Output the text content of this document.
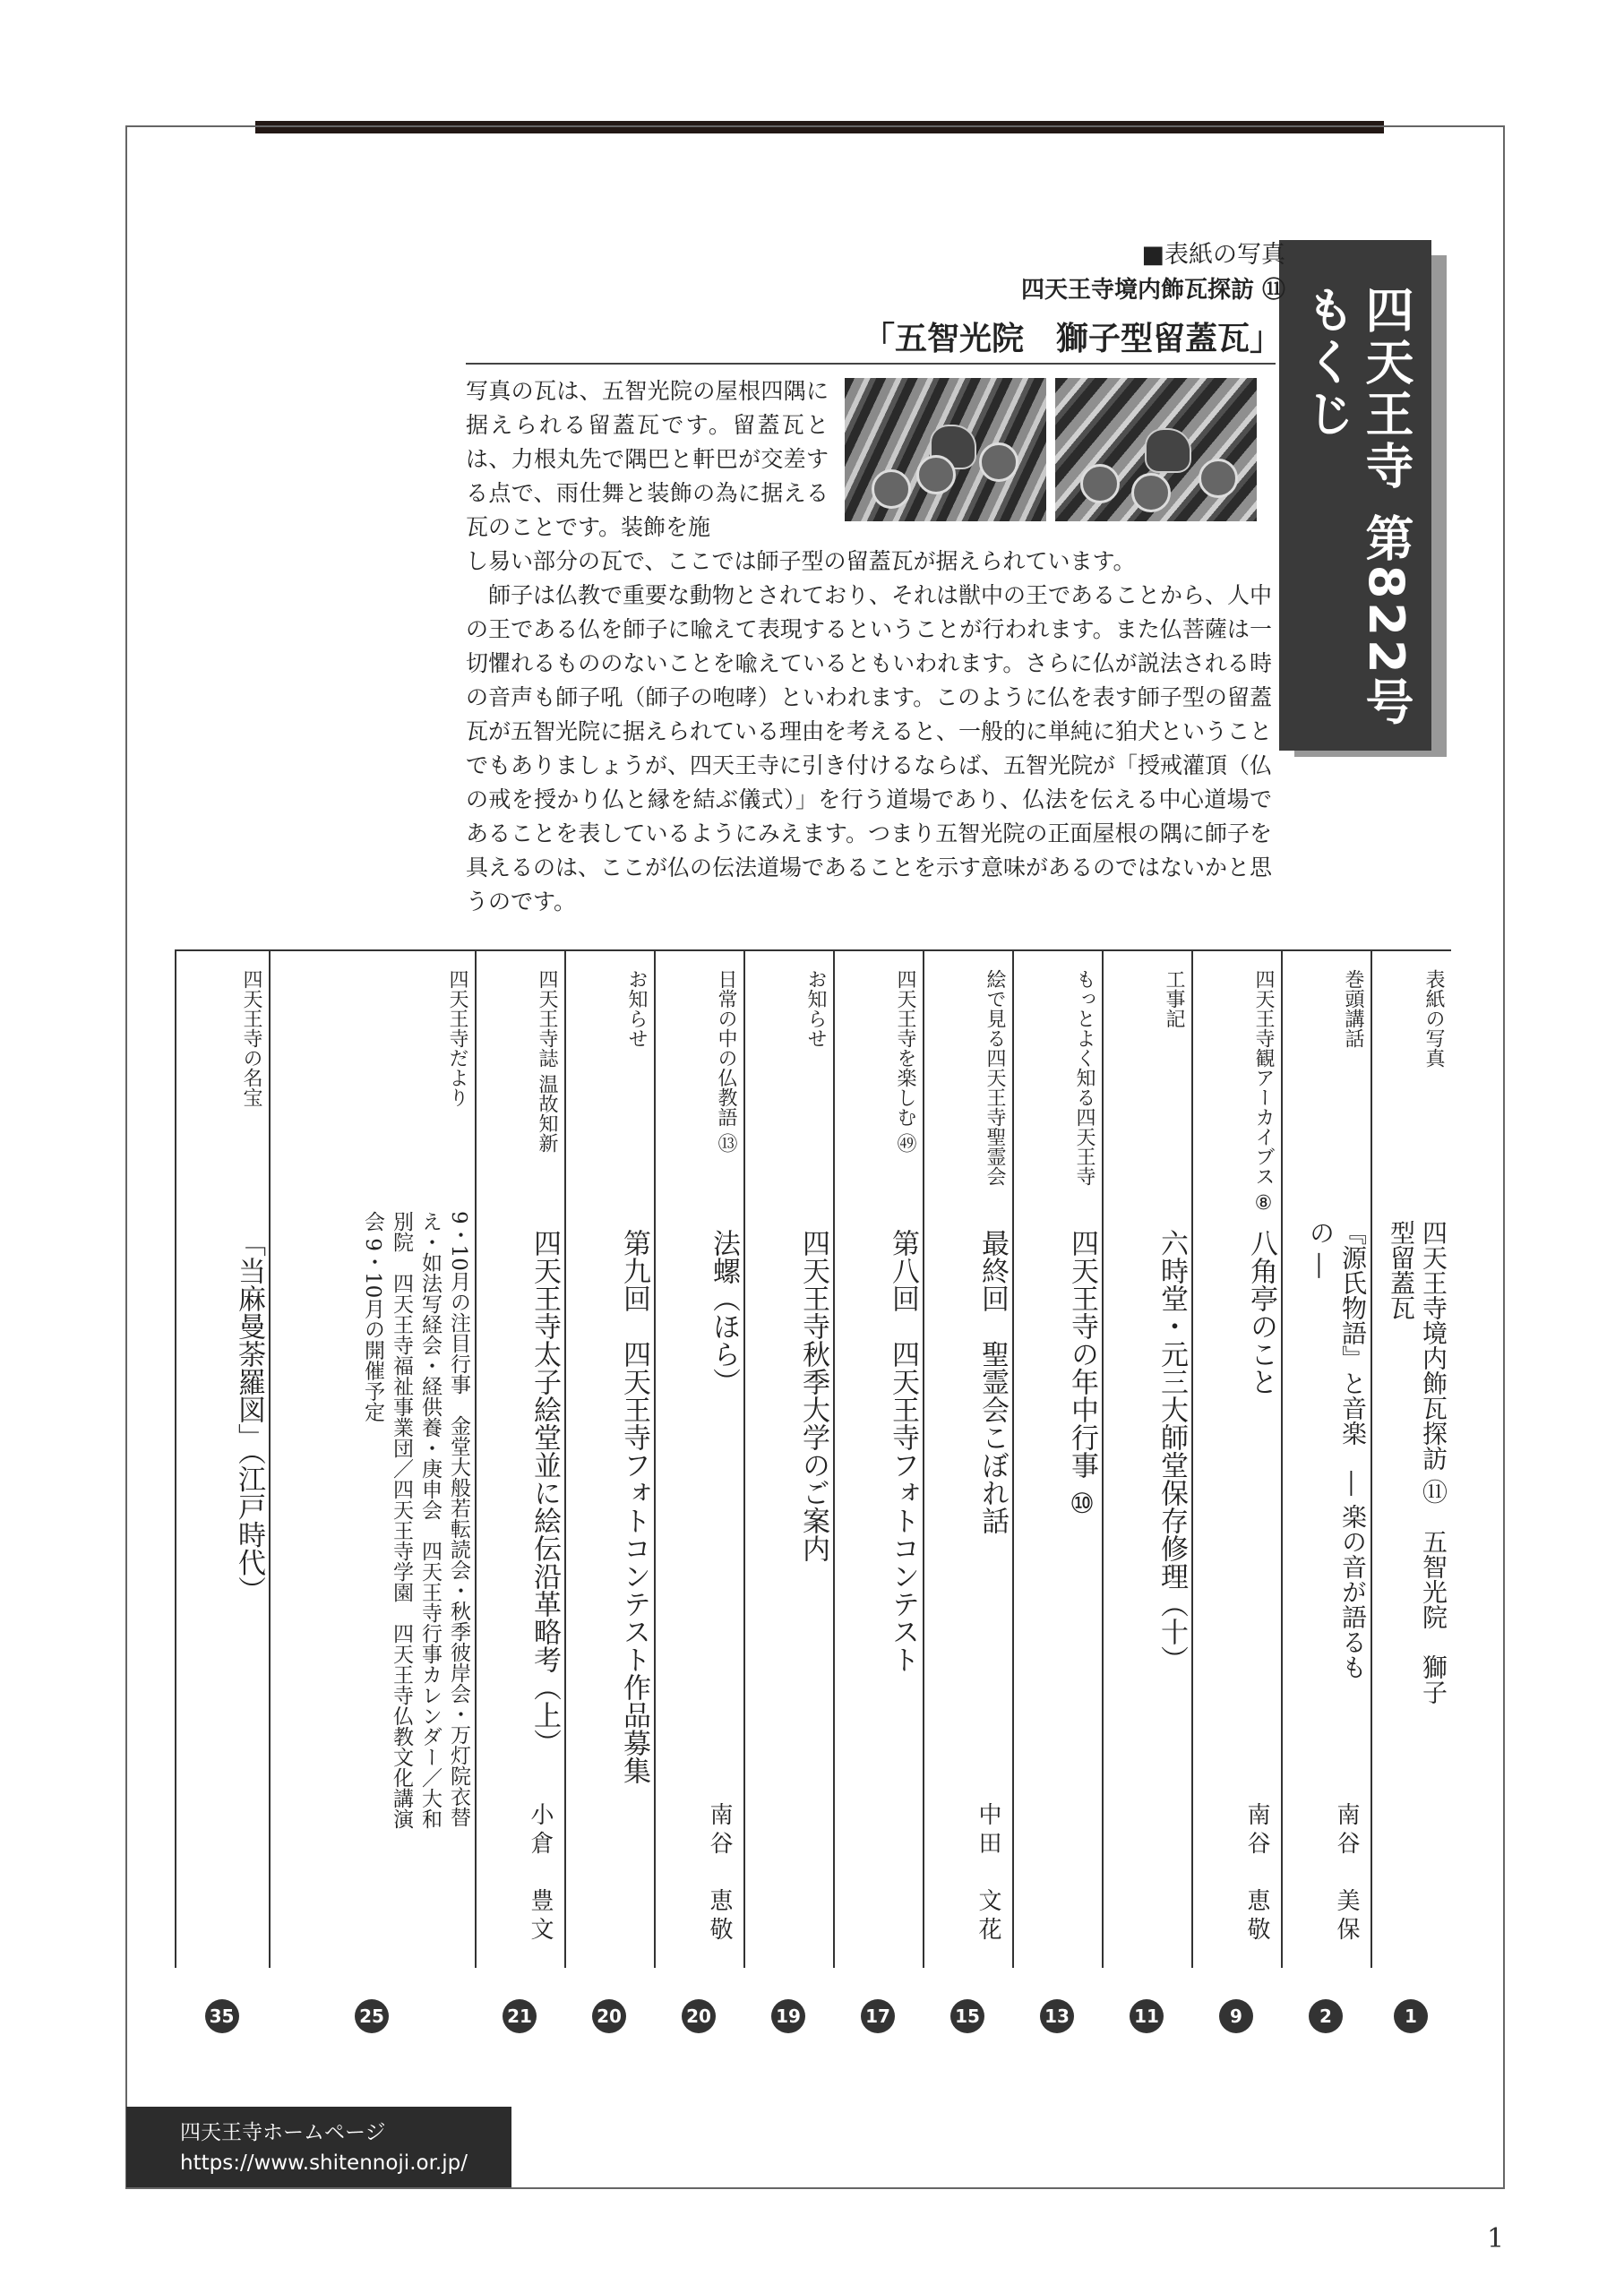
四天王寺 第822号
もくじ
■表紙の写真
四天王寺境内飾瓦探訪 ⑪
「五智光院　獅子型留蓋瓦」
写真の瓦は、五智光院の屋根四隅に据えられる留蓋瓦です。留蓋瓦とは、力根丸先で隅巴と軒巴が交差する点で、雨仕舞と装飾の為に据える瓦のことです。装飾を施
し易い部分の瓦で、ここでは師子型の留蓋瓦が据えられています。
　師子は仏教で重要な動物とされており、それは獣中の王であることから、人中の王である仏を師子に喩えて表現するということが行われます。また仏菩薩は一切懼れるもののないことを喩えているともいわれます。さらに仏が説法される時の音声も師子吼（師子の咆哮）といわれます。このように仏を表す師子型の留蓋瓦が五智光院に据えられている理由を考えると、一般的に単純に狛犬ということでもありましょうが、四天王寺に引き付けるならば、五智光院が「授戒灌頂（仏の戒を授かり仏と縁を結ぶ儀式）」を行う道場であり、仏法を伝える中心道場であることを表しているようにみえます。つまり五智光院の正面屋根の隅に師子を具えるのは、ここが仏の伝法道場であることを示す意味があるのではないかと思うのです。
表紙の写真
四天王寺境内飾瓦探訪 ⑪　五智光院　獅子型留蓋瓦
1
巻頭講話
『源氏物語』と音楽　― 楽の音が語るもの ―
南谷　美保
2
四天王寺観アーカイブス ⑧
八角亭のこと
南谷　恵敬
9
工事記
六時堂・元三大師堂保存修理（十）
11
もっとよく知る四天王寺
四天王寺の年中行事 ⑩
13
絵で見る四天王寺聖霊会
最終回　聖霊会こぼれ話
中田　文花
15
四天王寺を楽しむ ㊾
第八回　四天王寺フォトコンテスト
17
お知らせ
四天王寺秋季大学のご案内
19
日常の中の仏教語 ⑬
法螺（ほら）
南谷　恵敬
20
お知らせ
第九回　四天王寺フォトコンテスト作品募集
20
四天王寺誌 温故知新
四天王寺太子絵堂並に絵伝沿革略考（上）
小倉　豊文
21
四天王寺だより
9・10月の注目行事　金堂大般若転読会・秋季彼岸会・万灯院衣替え・如法写経会・経供養・庚申会　四天王寺行事カレンダー／大和別院　四天王寺福祉事業団／四天王寺学園　四天王寺仏教文化講演会 9・10月の開催予定
25
四天王寺の名宝
「当麻曼荼羅図」（江戸時代）
35
四天王寺ホームページ
https://www.shitennoji.or.jp/
1
